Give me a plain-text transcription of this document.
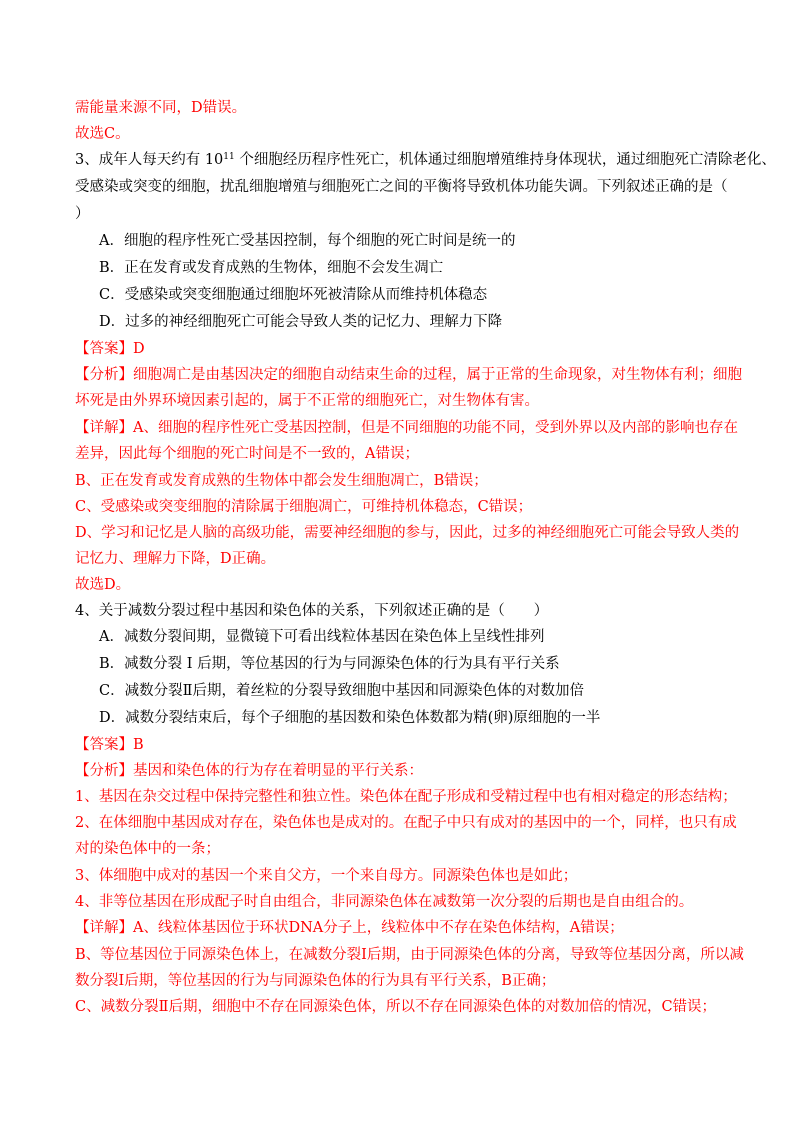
需能量来源不同，D错误。
故选C。
3、成年人每天约有 $10^{11}$ 个细胞经历程序性死亡，机体通过细胞增殖维持身体现状，通过细胞死亡清除老化、
受感染或突变的细胞，扰乱细胞增殖与细胞死亡之间的平衡将导致机体功能失调。下列叙述正确的是（
）
A．细胞的程序性死亡受基因控制，每个细胞的死亡时间是统一的
B．正在发育或发育成熟的生物体，细胞不会发生凋亡
C．受感染或突变细胞通过细胞坏死被清除从而维持机体稳态
D．过多的神经细胞死亡可能会导致人类的记忆力、理解力下降
【答案】D
【分析】细胞凋亡是由基因决定的细胞自动结束生命的过程，属于正常的生命现象，对生物体有利；细胞
坏死是由外界环境因素引起的，属于不正常的细胞死亡，对生物体有害。
【详解】A、细胞的程序性死亡受基因控制，但是不同细胞的功能不同，受到外界以及内部的影响也存在
差异，因此每个细胞的死亡时间是不一致的，A错误；
B、正在发育或发育成熟的生物体中都会发生细胞凋亡，B错误；
C、受感染或突变细胞的清除属于细胞凋亡，可维持机体稳态，C错误；
D、学习和记忆是人脑的高级功能，需要神经细胞的参与，因此，过多的神经细胞死亡可能会导致人类的
记忆力、理解力下降，D正确。
故选D。
4、关于减数分裂过程中基因和染色体的关系，下列叙述正确的是（　　）
A．减数分裂间期，显微镜下可看出线粒体基因在染色体上呈线性排列
B．减数分裂 Ⅰ 后期，等位基因的行为与同源染色体的行为具有平行关系
C．减数分裂Ⅱ后期，着丝粒的分裂导致细胞中基因和同源染色体的对数加倍
D．减数分裂结束后，每个子细胞的基因数和染色体数都为精(卵)原细胞的一半
【答案】B
【分析】基因和染色体的行为存在着明显的平行关系：
1、基因在杂交过程中保持完整性和独立性。染色体在配子形成和受精过程中也有相对稳定的形态结构；
2、在体细胞中基因成对存在，染色体也是成对的。在配子中只有成对的基因中的一个，同样，也只有成
对的染色体中的一条；
3、体细胞中成对的基因一个来自父方，一个来自母方。同源染色体也是如此；
4、非等位基因在形成配子时自由组合，非同源染色体在减数第一次分裂的后期也是自由组合的。
【详解】A、线粒体基因位于环状DNA分子上，线粒体中不存在染色体结构，A错误；
B、等位基因位于同源染色体上，在减数分裂Ⅰ后期，由于同源染色体的分离，导致等位基因分离，所以减
数分裂Ⅰ后期，等位基因的行为与同源染色体的行为具有平行关系，B正确；
C、减数分裂Ⅱ后期，细胞中不存在同源染色体，所以不存在同源染色体的对数加倍的情况，C错误；
